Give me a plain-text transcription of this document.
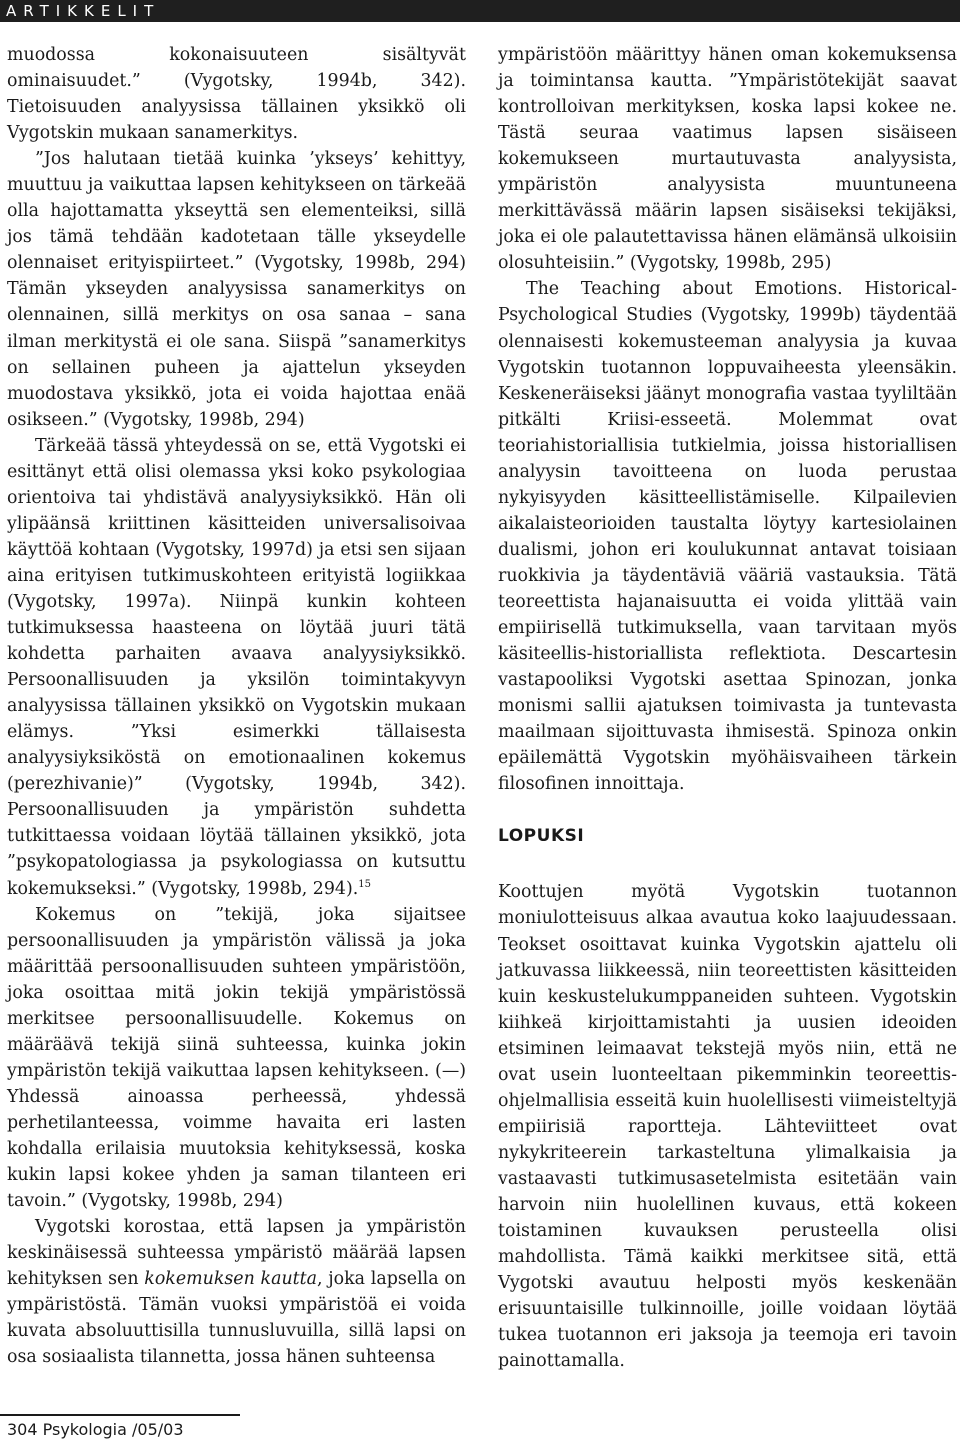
ARTIKKELIT

muodossa kokonaisuuteen sisältyvät ominaisuudet.” (Vygotsky, 1994b, 342). Tietoisuuden analyysissa tällainen yksikkö oli Vygotskin mukaan sanamerkitys.

”Jos halutaan tietää kuinka ’ykseys’ kehittyy, muuttuu ja vaikuttaa lapsen kehitykseen on tärkeää olla hajottamatta ykseyttä sen elementeiksi, sillä jos tämä tehdään kadotetaan tälle ykseydelle olennaiset erityispiirteet.” (Vygotsky, 1998b, 294) Tämän ykseyden analyysissa sanamerkitys on olennainen, sillä merkitys on osa sanaa – sana ilman merkitystä ei ole sana. Siispä ”sanamerkitys on sellainen puheen ja ajattelun ykseyden muodostava yksikkö, jota ei voida hajottaa enää osikseen.” (Vygotsky, 1998b, 294)

Tärkeää tässä yhteydessä on se, että Vygotski ei esittänyt että olisi olemassa yksi koko psykologiaa orientoiva tai yhdistävä analyysiyksikkö. Hän oli ylipäänsä kriittinen käsitteiden universalisoivaa käyttöä kohtaan (Vygotsky, 1997d) ja etsi sen sijaan aina erityisen tutkimuskohteen erityistä logiikkaa (Vygotsky, 1997a). Niinpä kunkin kohteen tutkimuksessa haasteena on löytää juuri tätä kohdetta parhaiten avaava analyysiyksikkö. Persoonallisuuden ja yksilön toimintakyvyn analyysissa tällainen yksikkö on Vygotskin mukaan elämys. ”Yksi esimerkki tällaisesta analyysiyksiköstä on emotionaalinen kokemus (perezhivanie)” (Vygotsky, 1994b, 342). Persoonallisuuden ja ympäristön suhdetta tutkittaessa voidaan löytää tällainen yksikkö, jota ”psykopatologiassa ja psykologiassa on kutsuttu kokemukseksi.” (Vygotsky, 1998b, 294).$^{15}$

Kokemus on ”tekijä, joka sijaitsee persoonallisuuden ja ympäristön välissä ja joka määrittää persoonallisuuden suhteen ympäristöön, joka osoittaa mitä jokin tekijä ympäristössä merkitsee persoonallisuudelle. Kokemus on määräävä tekijä siinä suhteessa, kuinka jokin ympäristön tekijä vaikuttaa lapsen kehitykseen. (—) Yhdessä ainoassa perheessä, yhdessä perhetilanteessa, voimme havaita eri lasten kohdalla erilaisia muutoksia kehityksessä, koska kukin lapsi kokee yhden ja saman tilanteen eri tavoin.” (Vygotsky, 1998b, 294)

Vygotski korostaa, että lapsen ja ympäristön keskinäisessä suhteessa ympäristö määrää lapsen kehityksen sen kokemuksen kautta, joka lapsella on ympäristöstä. Tämän vuoksi ympäristöä ei voida kuvata absoluuttisilla tunnusluvuilla, sillä lapsi on osa sosiaalista tilannetta, jossa hänen suhteensa

ympäristöön määrittyy hänen oman kokemuksensa ja toimintansa kautta. ”Ympäristötekijät saavat kontrolloivan merkityksen, koska lapsi kokee ne. Tästä seuraa vaatimus lapsen sisäiseen kokemukseen murtautuvasta analyysista, ympäristön analyysista muuntuneena merkittävässä määrin lapsen sisäiseksi tekijäksi, joka ei ole palautettavissa hänen elämänsä ulkoisiin olosuhteisiin.” (Vygotsky, 1998b, 295)

The Teaching about Emotions. Historical-Psychological Studies (Vygotsky, 1999b) täydentää olennaisesti kokemusteeman analyysia ja kuvaa Vygotskin tuotannon loppuvaiheesta yleensäkin. Keskeneräiseksi jäänyt monografia vastaa tyyliltään pitkälti Kriisi-esseetä. Molemmat ovat teoriahistoriallisia tutkielmia, joissa historiallisen analyysin tavoitteena on luoda perustaa nykyisyyden käsitteellistämiselle. Kilpailevien aikalaisteorioiden taustalta löytyy kartesiolainen dualismi, johon eri koulukunnat antavat toisiaan ruokkivia ja täydentäviä vääriä vastauksia. Tätä teoreettista hajanaisuutta ei voida ylittää vain empiirisellä tutkimuksella, vaan tarvitaan myös käsiteellis-historiallista reflektiota. Descartesin vastapooliksi Vygotski asettaa Spinozan, jonka monismi sallii ajatuksen toimivasta ja tuntevasta maailmaan sijoittuvasta ihmisestä. Spinoza onkin epäilemättä Vygotskin myöhäisvaiheen tärkein filosofinen innoittaja.

LOPUKSI

Koottujen myötä Vygotskin tuotannon moniulotteisuus alkaa avautua koko laajuudessaan. Teokset osoittavat kuinka Vygotskin ajattelu oli jatkuvassa liikkeessä, niin teoreettisten käsitteiden kuin keskustelukumppaneiden suhteen. Vygotskin kiihkeä kirjoittamistahti ja uusien ideoiden etsiminen leimaavat tekstejä myös niin, että ne ovat usein luonteeltaan pikemminkin teoreettis-ohjelmallisia esseitä kuin huolellisesti viimeisteltyjä empiirisiä raportteja. Lähteviitteet ovat nykykriteerein tarkasteltuna ylimalkaisia ja vastaavasti tutkimusasetelmista esitetään vain harvoin niin huolellinen kuvaus, että kokeen toistaminen kuvauksen perusteella olisi mahdollista. Tämä kaikki merkitsee sitä, että Vygotski avautuu helposti myös keskenään erisuuntaisille tulkinnoille, joille voidaan löytää tukea tuotannon eri jaksoja ja teemoja eri tavoin painottamalla.

304 Psykologia /05/03
